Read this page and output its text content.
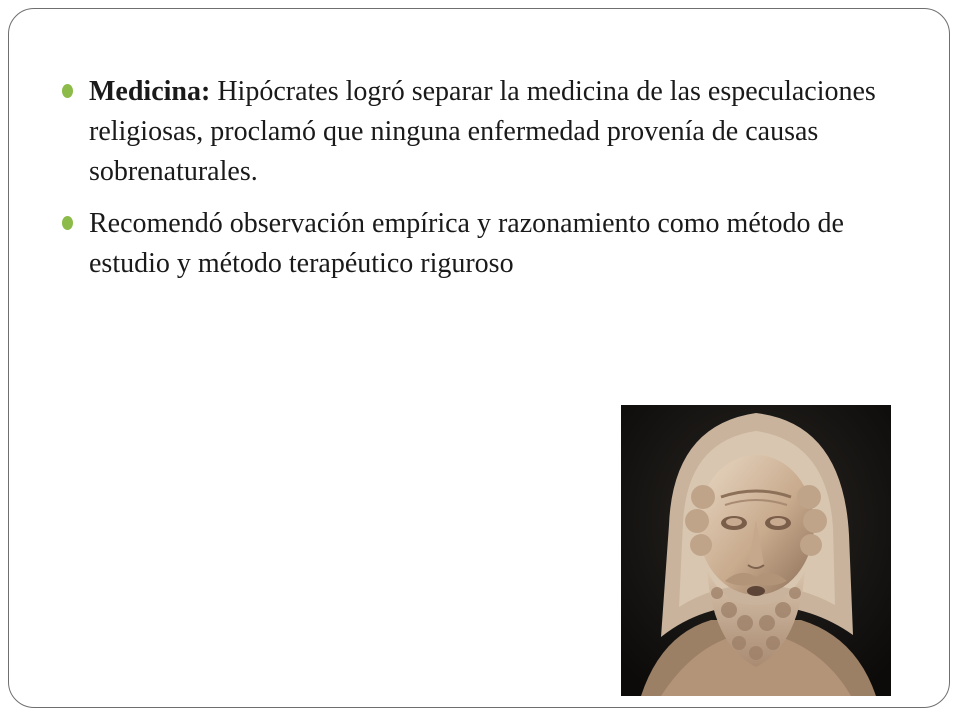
Medicina: Hipócrates logró separar la medicina de las especulaciones religiosas, proclamó que ninguna enfermedad provenía de causas sobrenaturales.
Recomendó observación empírica y razonamiento como método de estudio y método terapéutico riguroso
